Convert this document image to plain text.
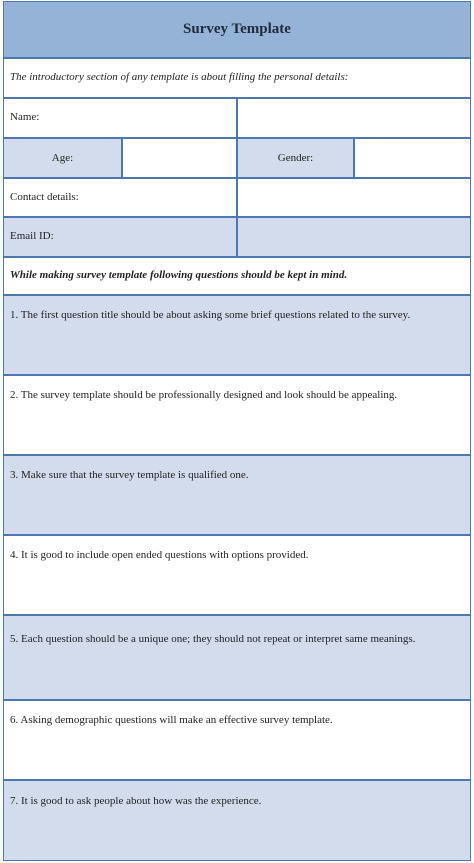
Survey Template
The introductory section of any template is about filling the personal details:
Name:
Age:	Gender:
Contact details:
Email ID:
While making survey template following questions should be kept in mind.
1. The first question title should be about asking some brief questions related to the survey.
2. The survey template should be professionally designed and look should be appealing.
3. Make sure that the survey template is qualified one.
4. It is good to include open ended questions with options provided.
5. Each question should be a unique one; they should not repeat or interpret same meanings.
6. Asking demographic questions will make an effective survey template.
7. It is good to ask people about how was the experience.
